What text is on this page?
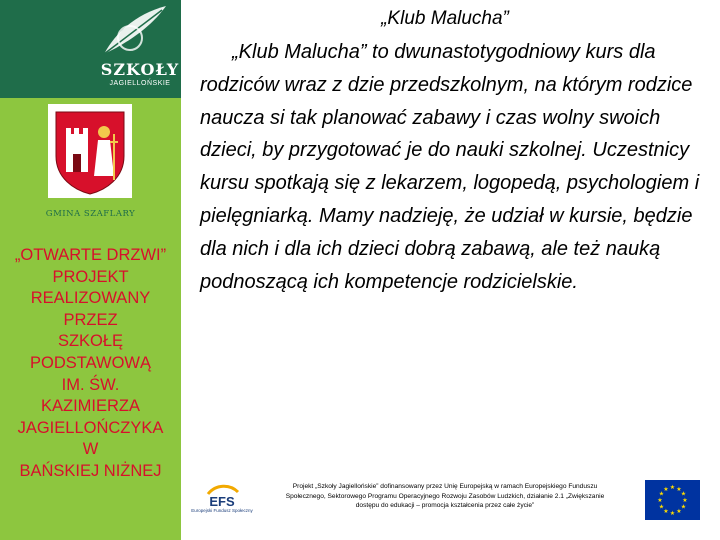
SZKOŁY
JAGIELLOŃSKIE
GMINA SZAFLARY
„OTWARTE DRZWI”
PROJEKT
REALIZOWANY
PRZEZ
SZKOŁĘ
PODSTAWOWĄ
IM. ŚW.
KAZIMIERZA
JAGIELLOŃCZYKA
W
BAŃSKIEJ NIŻNEJ
„Klub Malucha”
„Klub Malucha” to dwunastotygodniowy kurs dla rodziców wraz z dzie przedszkolnym, na którym rodzice naucza si tak planować zabawy i czas wolny swoich dzieci, by przygotować je do nauki szkolnej. Uczestnicy kursu spotkają się z lekarzem, logopedą, psychologiem i pielęgniarką. Mamy nadzieję, że udział w kursie, będzie dla nich i dla ich dzieci dobrą zabawą, ale też nauką podnoszącą ich kompetencje rodzicielskie.
EFS
Europejski Fundusz Społeczny
Projekt „Szkoły Jagiellońskie” dofinansowany przez Unię Europejską w ramach Europejskiego Funduszu Społecznego, Sektorowego Programu Operacyjnego Rozwoju Zasobów Ludzkich, działanie 2.1 „Zwiększanie dostępu do edukacji – promocja kształcenia przez całe życie”
★ ★
★
★
★
★
★
★
★
★
★
★
